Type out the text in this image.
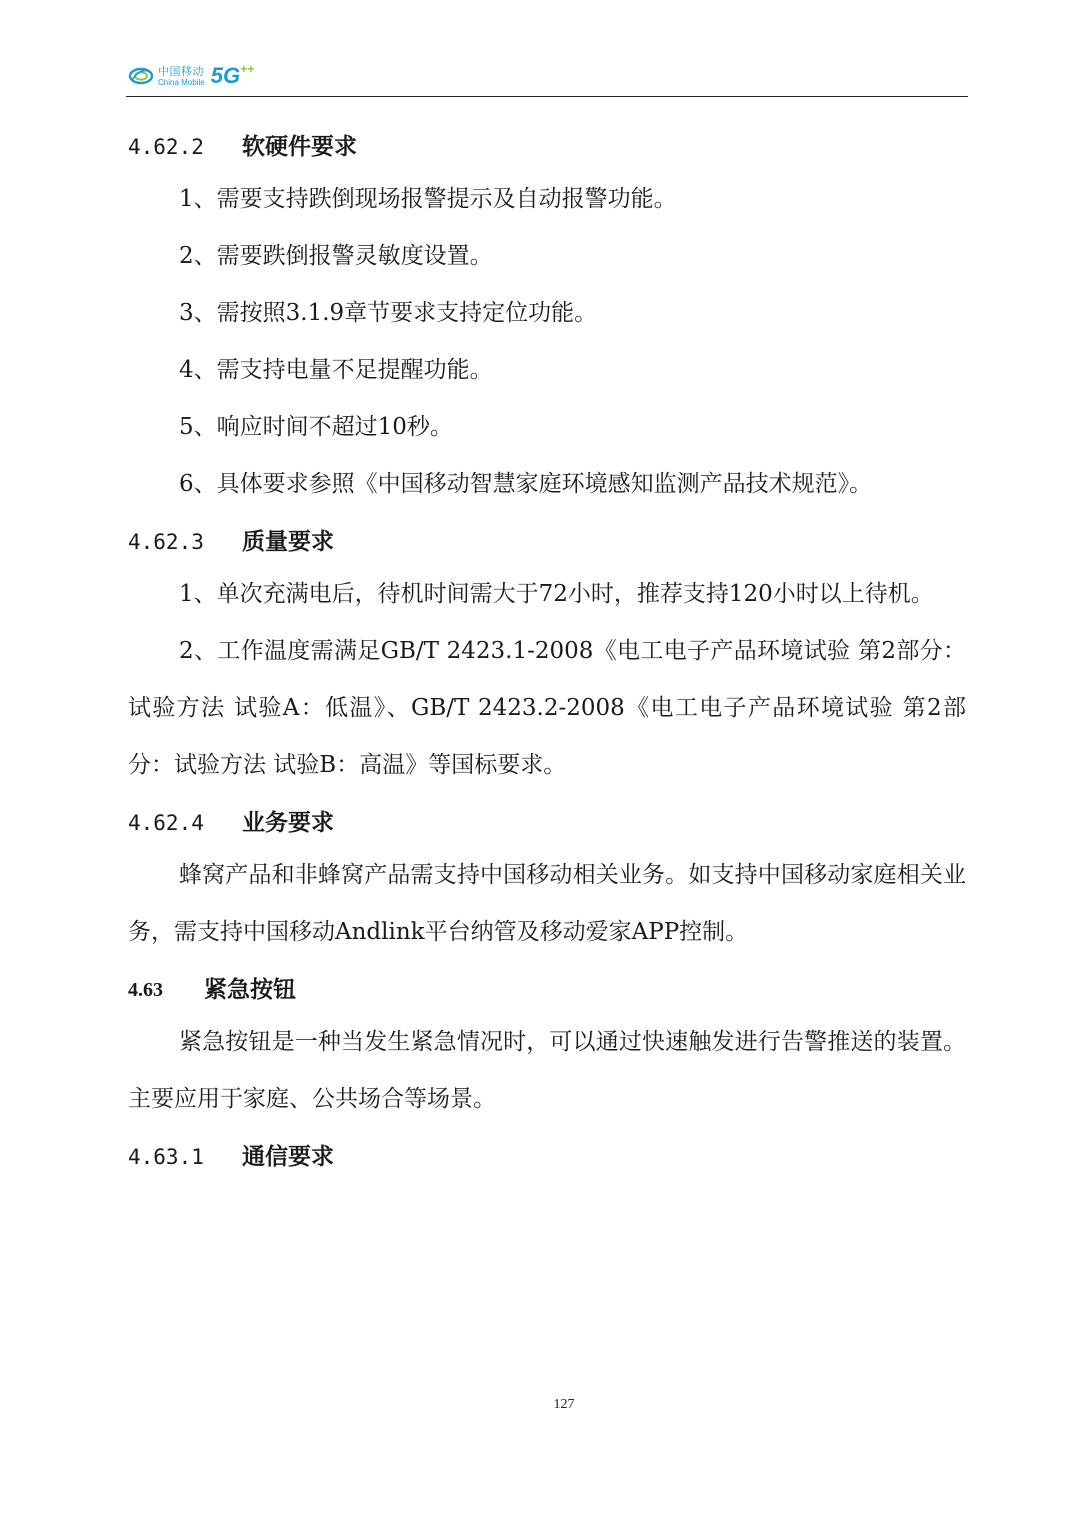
中国移动
China Mobile 5G++
4.62.2	软硬件要求
1、需要支持跌倒现场报警提示及自动报警功能。
2、需要跌倒报警灵敏度设置。
3、需按照3.1.9章节要求支持定位功能。
4、需支持电量不足提醒功能。
5、响应时间不超过10秒。
6、具体要求参照《中国移动智慧家庭环境感知监测产品技术规范》。
4.62.3	质量要求
1、单次充满电后，待机时间需大于72小时，推荐支持120小时以上待机。
2、工作温度需满足GB/T 2423.1-2008《电工电子产品环境试验 第2部分：试验方法 试验A：低温》、GB/T 2423.2-2008《电工电子产品环境试验 第2部分：试验方法 试验B：高温》等国标要求。
4.62.4	业务要求
蜂窝产品和非蜂窝产品需支持中国移动相关业务。如支持中国移动家庭相关业务，需支持中国移动Andlink平台纳管及移动爱家APP控制。
4.63	紧急按钮
紧急按钮是一种当发生紧急情况时，可以通过快速触发进行告警推送的装置。主要应用于家庭、公共场合等场景。
4.63.1	通信要求
127
